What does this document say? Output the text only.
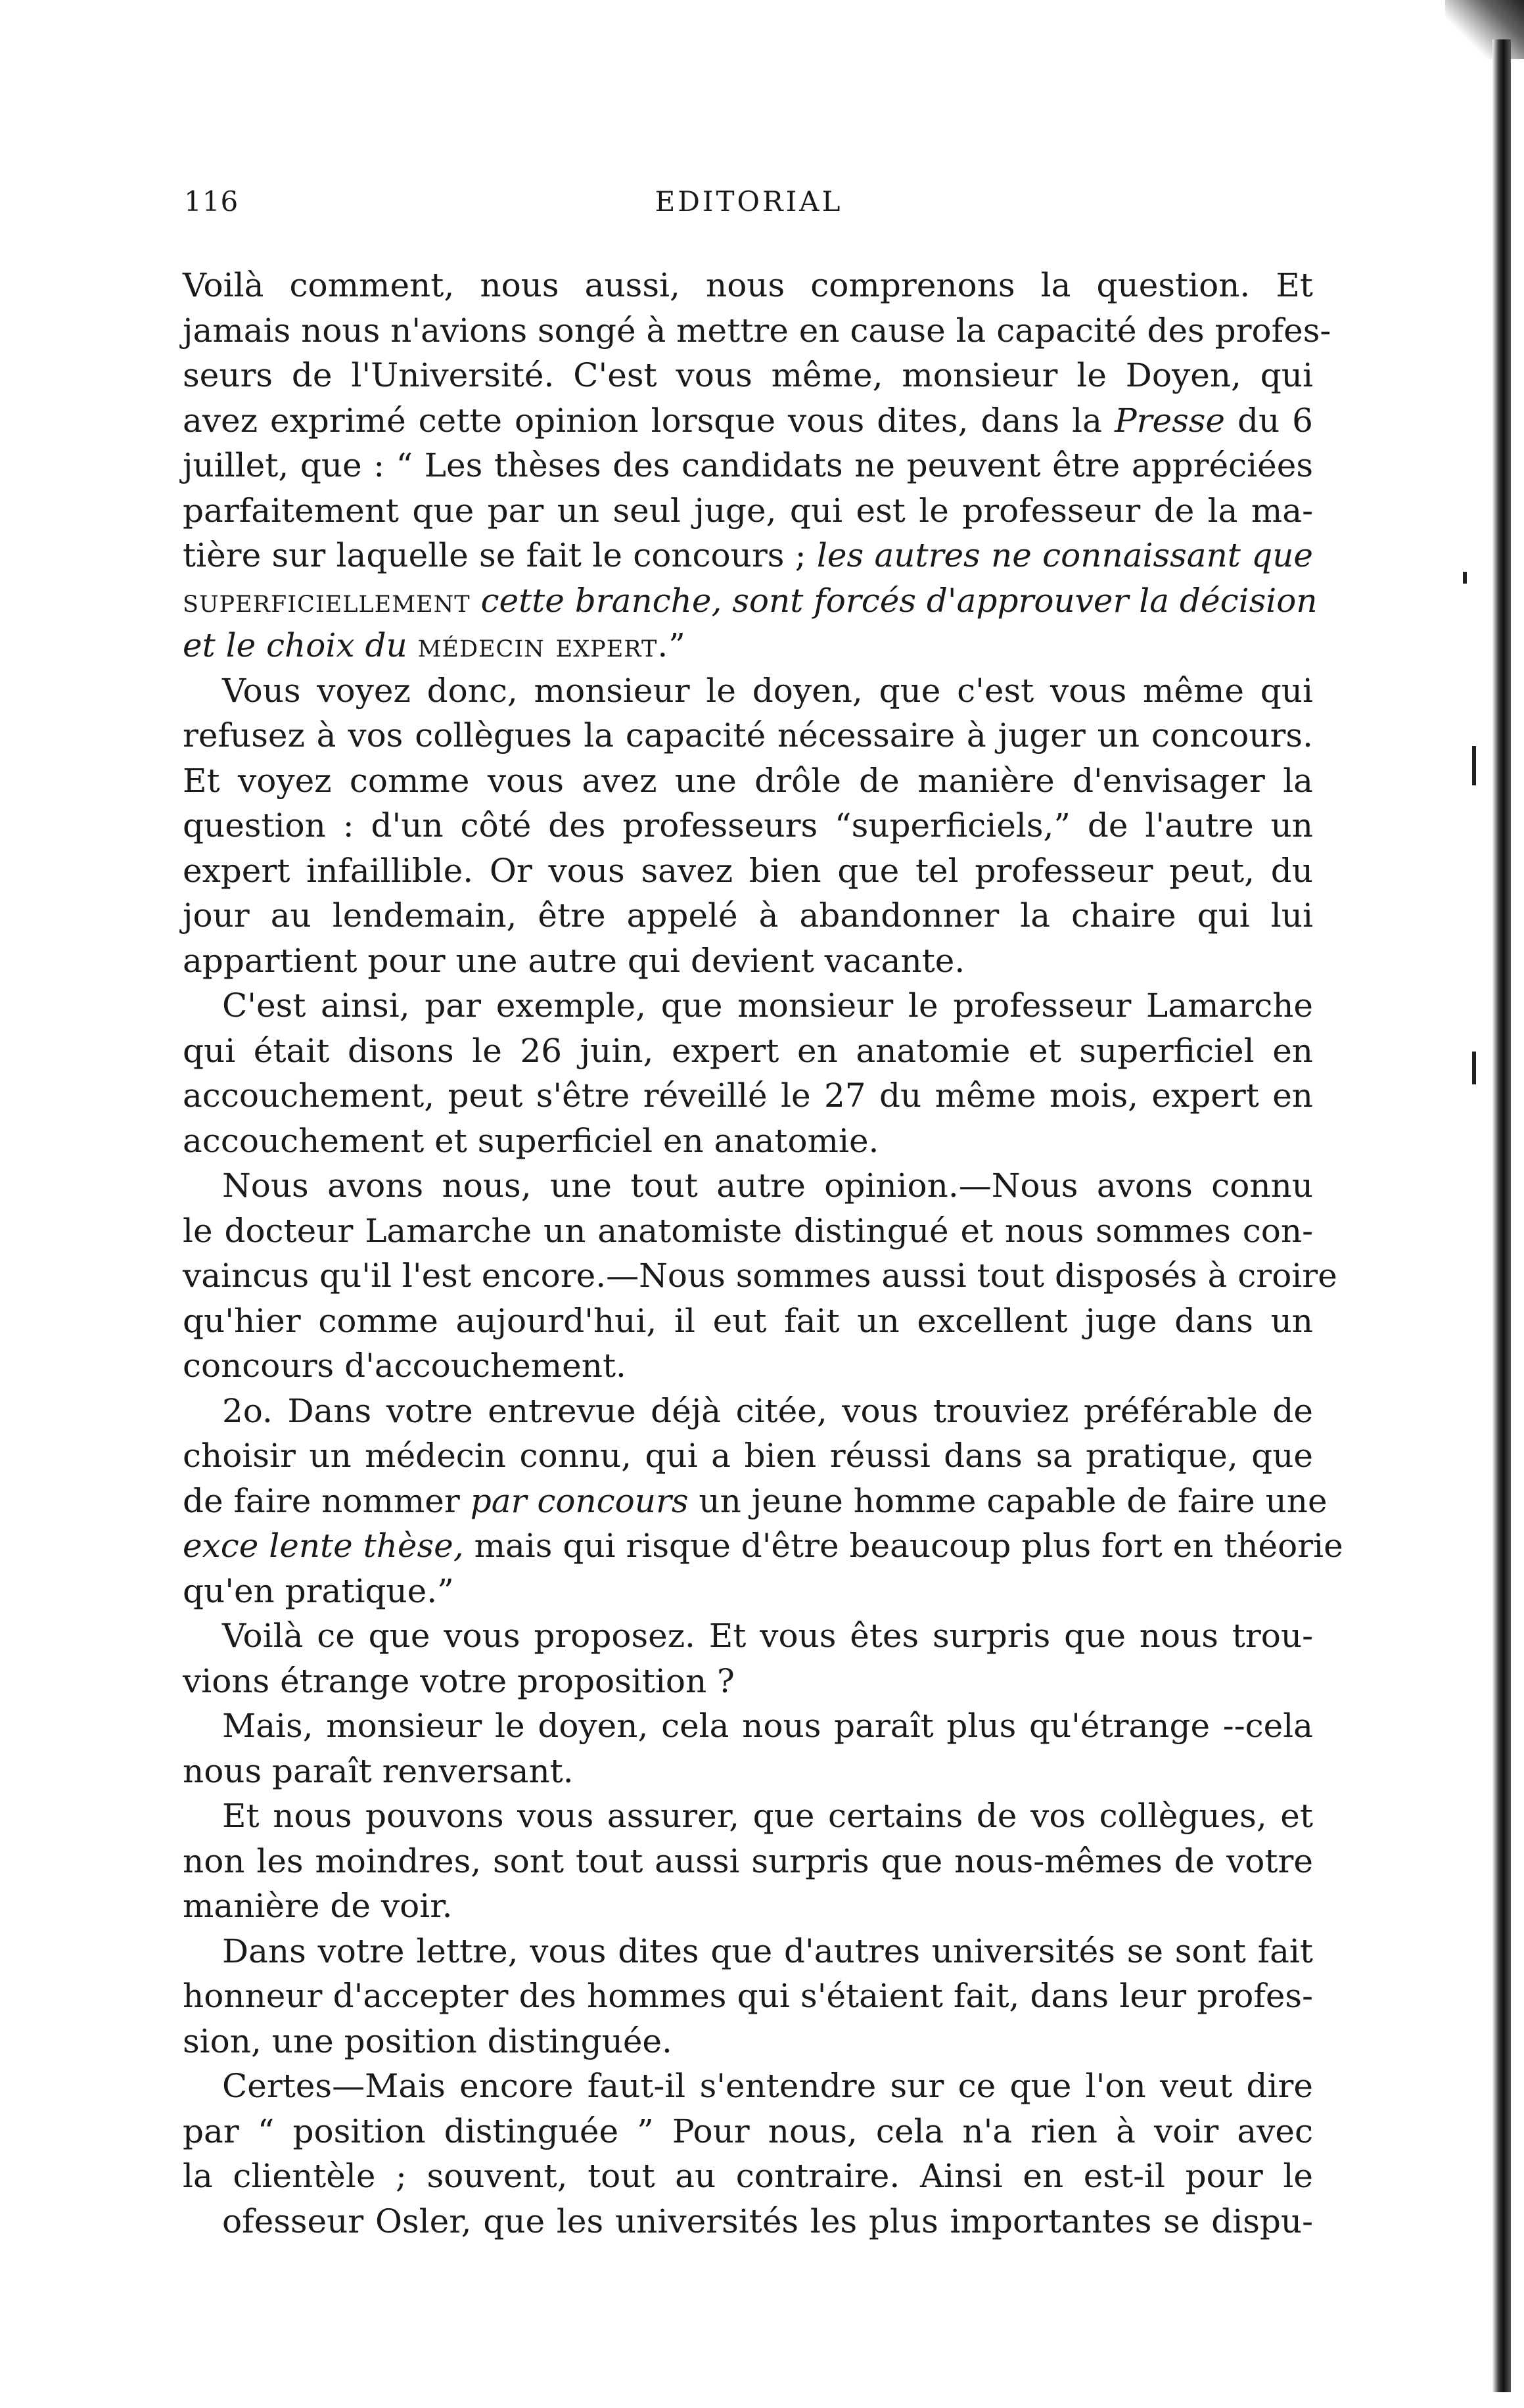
116	EDITORIAL
Voilà comment, nous aussi, nous comprenons la question. Et
jamais nous n'avions songé à mettre en cause la capacité des profes-
seurs de l'Université. C'est vous même, monsieur le Doyen, qui
avez exprimé cette opinion lorsque vous dites, dans la Presse du 6
juillet, que : “ Les thèses des candidats ne peuvent être appréciées
parfaitement que par un seul juge, qui est le professeur de la ma-
tière sur laquelle se fait le concours ; les autres ne connaissant que
superficiellement cette branche, sont forcés d'approuver la décision
et le choix du médecin expert.”
Vous voyez donc, monsieur le doyen, que c'est vous même qui
refusez à vos collègues la capacité nécessaire à juger un concours.
Et voyez comme vous avez une drôle de manière d'envisager la
question : d'un côté des professeurs “superficiels,” de l'autre un
expert infaillible. Or vous savez bien que tel professeur peut, du
jour au lendemain, être appelé à abandonner la chaire qui lui
appartient pour une autre qui devient vacante.
C'est ainsi, par exemple, que monsieur le professeur Lamarche
qui était disons le 26 juin, expert en anatomie et superficiel en
accouchement, peut s'être réveillé le 27 du même mois, expert en
accouchement et superficiel en anatomie.
Nous avons nous, une tout autre opinion.—Nous avons connu
le docteur Lamarche un anatomiste distingué et nous sommes con-
vaincus qu'il l'est encore.—Nous sommes aussi tout disposés à croire
qu'hier comme aujourd'hui, il eut fait un excellent juge dans un
concours d'accouchement.
2o. Dans votre entrevue déjà citée, vous trouviez préférable de
choisir un médecin connu, qui a bien réussi dans sa pratique, que
de faire nommer par concours un jeune homme capable de faire une
exce lente thèse, mais qui risque d'être beaucoup plus fort en théorie
qu'en pratique.”
Voilà ce que vous proposez. Et vous êtes surpris que nous trou-
vions étrange votre proposition ?
Mais, monsieur le doyen, cela nous paraît plus qu'étrange --cela
nous paraît renversant.
Et nous pouvons vous assurer, que certains de vos collègues, et
non les moindres, sont tout aussi surpris que nous-mêmes de votre
manière de voir.
Dans votre lettre, vous dites que d'autres universités se sont fait
honneur d'accepter des hommes qui s'étaient fait, dans leur profes-
sion, une position distinguée.
Certes—Mais encore faut-il s'entendre sur ce que l'on veut dire
par “ position distinguée ” Pour nous, cela n'a rien à voir avec
la clientèle ; souvent, tout au contraire. Ainsi en est-il pour le
ofesseur Osler, que les universités les plus importantes se dispu-
